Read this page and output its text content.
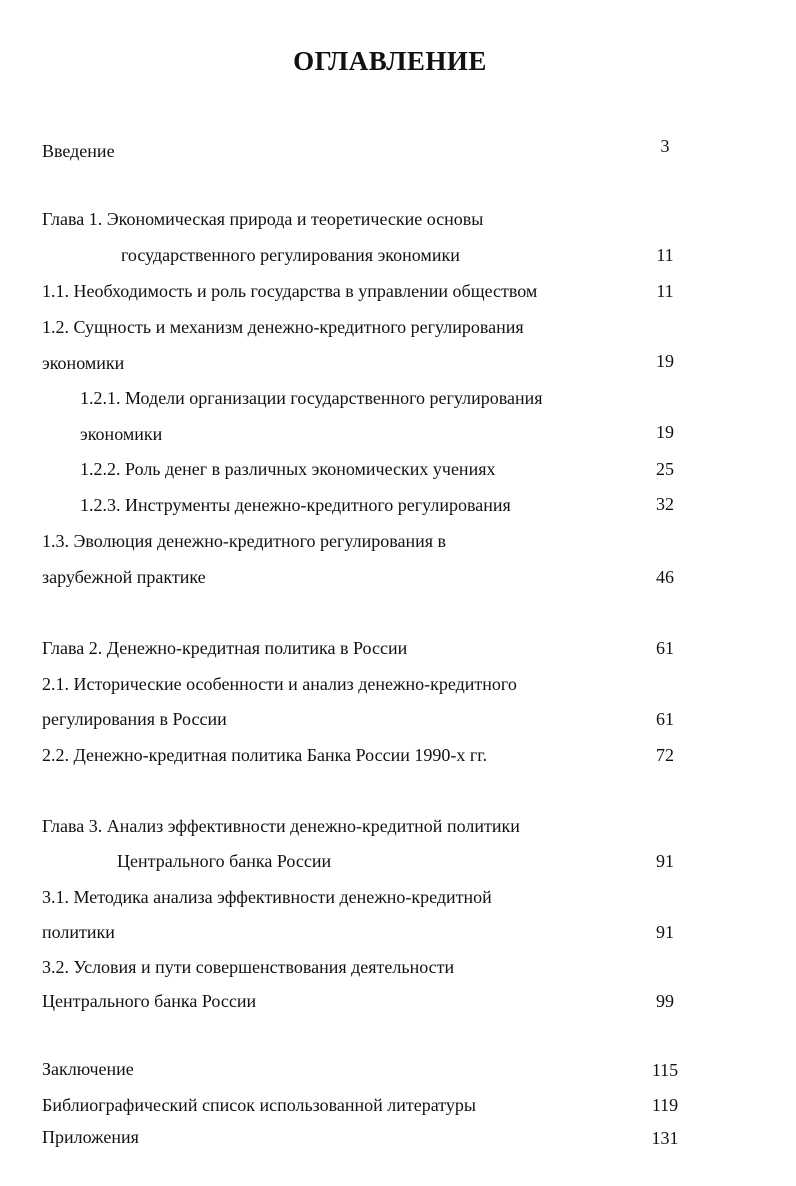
ОГЛАВЛЕНИЕ
Введение	3
Глава 1. Экономическая природа и теоретические основы
государственного регулирования экономики	11
1.1. Необходимость и роль государства в управлении обществом	11
1.2. Сущность и механизм денежно-кредитного регулирования
экономики	19
1.2.1. Модели организации государственного регулирования
экономики	19
1.2.2. Роль денег в различных экономических учениях	25
1.2.3. Инструменты денежно-кредитного регулирования	32
1.3. Эволюция денежно-кредитного регулирования в
зарубежной практике	46
Глава 2. Денежно-кредитная политика в России	61
2.1. Исторические особенности и анализ денежно-кредитного
регулирования в России	61
2.2. Денежно-кредитная политика Банка России 1990-х гг.	72
Глава 3. Анализ эффективности денежно-кредитной политики
Центрального банка России	91
3.1. Методика анализа эффективности денежно-кредитной
политики	91
3.2. Условия и пути совершенствования деятельности
Центрального банка России	99
Заключение	115
Библиографический список использованной литературы	119
Приложения	131
